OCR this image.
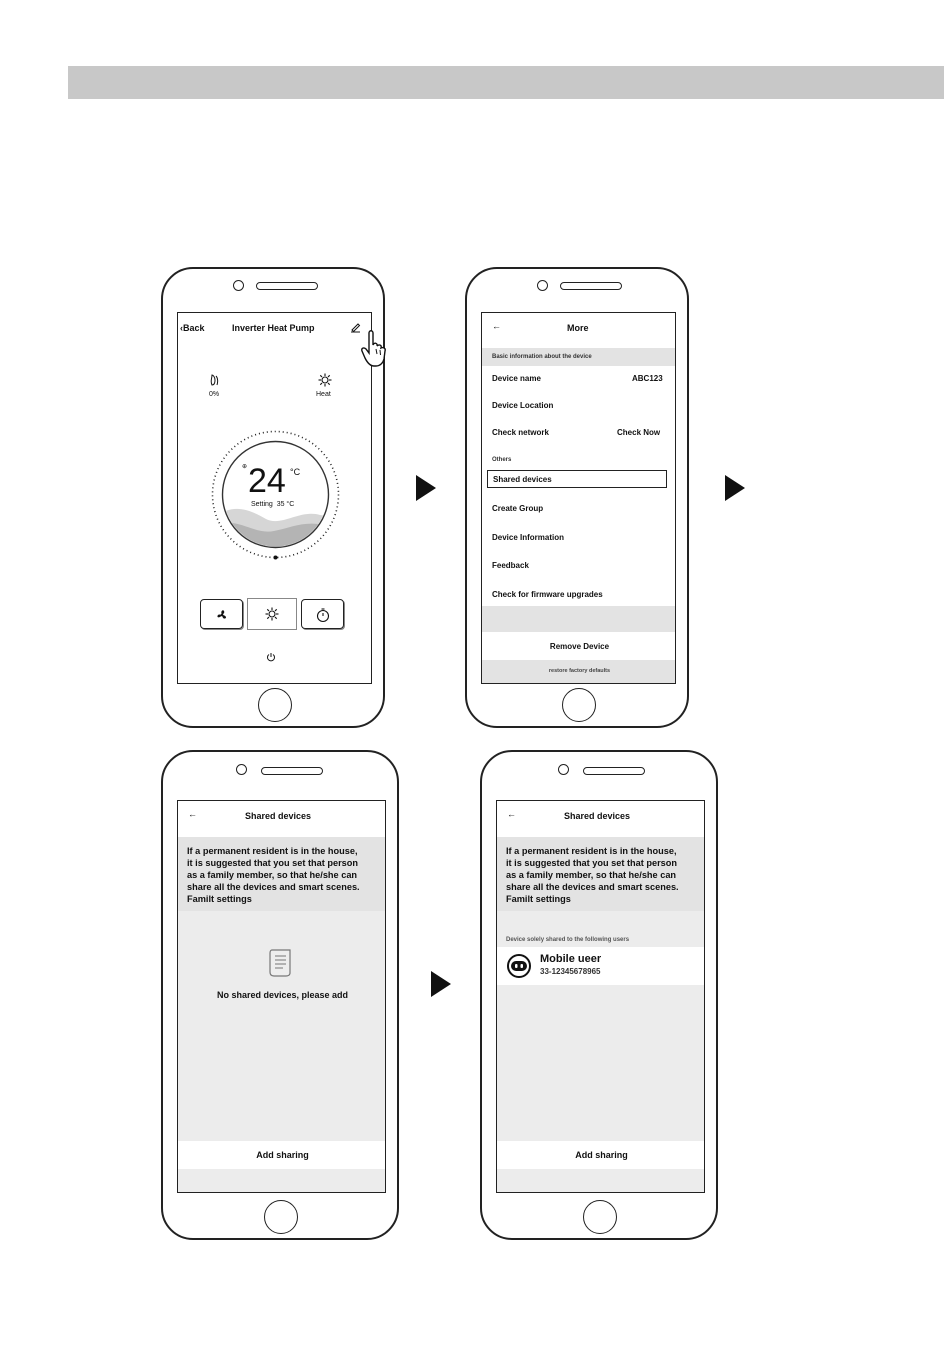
‹Back	Inverter Heat Pump
0%	Heat
⊕ 24 °C
Setting 35 °C
←	More
Basic information about the device
Device name	ABC123
Device Location
Check network	Check Now
Others
Shared devices
Create Group
Device Information
Feedback
Check for firmware upgrades
Remove Device
restore factory defaults
←	Shared devices
If a permanent resident is in the house,
it is suggested that you set that person
as a family member, so that he/she can
share all the devices and smart scenes.
Familt settings
No shared devices, please add
Add sharing
←	Shared devices
If a permanent resident is in the house,
it is suggested that you set that person
as a family member, so that he/she can
share all the devices and smart scenes.
Familt settings
Device solely shared to the following users
Mobile ueer
33-12345678965
Add sharing
